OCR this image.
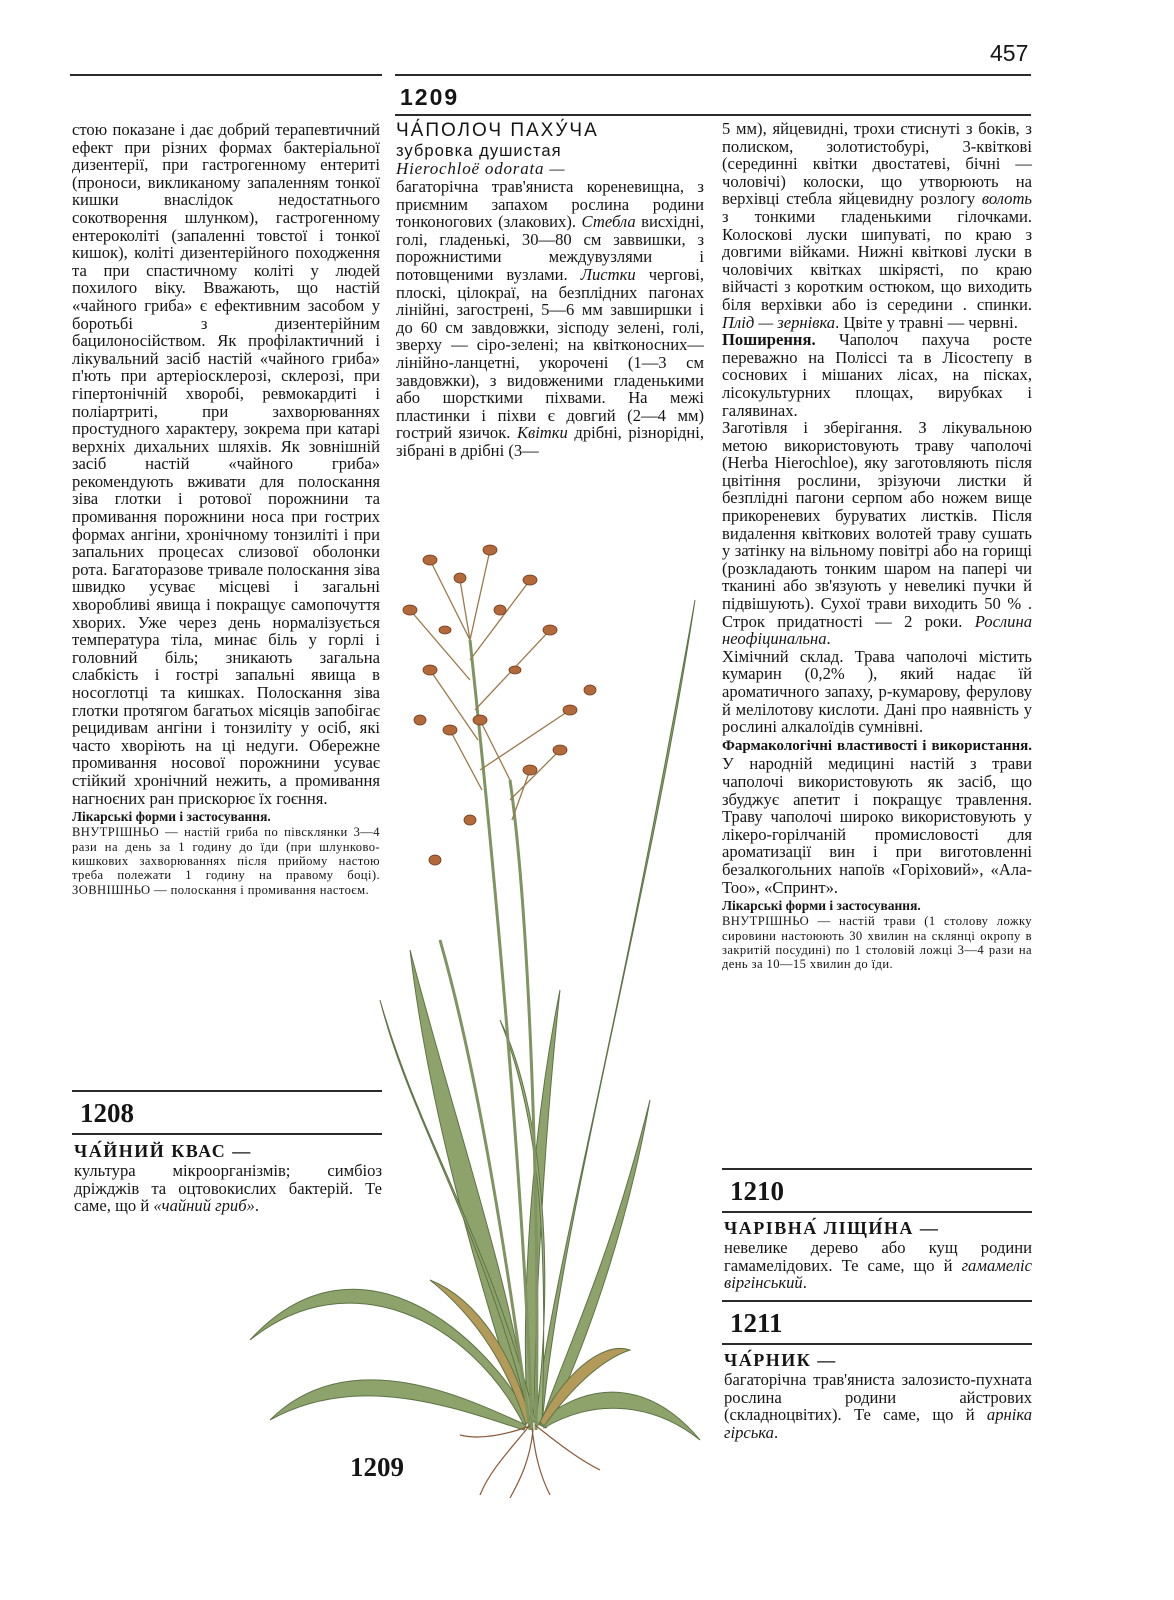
457
1209

стою показане і дає добрий терапевтичний ефект при різних формах бактеріальної дизентерії, при гастрогенному ентериті (проноси, викликаному запаленням тонкої кишки внаслідок недостатнього сокотворення шлунком), гастрогенному ентероколіті (запаленні товстої і тонкої кишок), коліті дизентерійного походження та при спастичному коліті у людей похилого віку. Вважають, що настій «чайного гриба» є ефективним засобом у боротьбі з дизентерійним бацилоносійством. Як профілактичний і лікувальний засіб настій «чайного гриба» п'ють при артеріосклерозі, склерозі, при гіпертонічній хворобі, ревмокардиті і поліартриті, при захворюваннях простудного характеру, зокрема при катарі верхніх дихальних шляхів. Як зовнішній засіб настій «чайного гриба» рекомендують вживати для полоскання зіва глотки і ротової порожнини та промивання порожнини носа при гострих формах ангіни, хронічному тонзиліті і при запальних процесах слизової оболонки рота. Багаторазове тривале полоскання зіва швидко усуває місцеві і загальні хворобливі явища і покращує самопочуття хворих. Уже через день нормалізується температура тіла, минає біль у горлі і головний біль; зникають загальна слабкість і гострі запальні явища в носоглотці та кишках. Полоскання зіва глотки протягом багатьох місяців запобігає рецидивам ангіни і тонзиліту у осіб, які часто хворіють на ці недуги. Обережне промивання носової порожнини усуває стійкий хронічний нежить, а промивання нагноєних ран прискорює їх гоєння.

Лікарські форми і застосування.
ВНУТРІШНЬО — настій гриба по півсклянки 3—4 рази на день за 1 годину до їди (при шлунково-кишкових захворюваннях після прийому настою треба полежати 1 годину на правому боці). ЗОВНІШНЬО — полоскання і промивання настоєм.
1208
ЧА́ЙНИЙ КВАС —

культура мікроорганізмів; симбіоз дріжджів та оцтовокислих бактерій. Те саме, що й «чайний гриб».

ЧА́ПОЛОЧ ПАХУ́ЧА
зубровка душистая
Hierochloë odorata —

багаторічна трав'яниста кореневищна, з приємним запахом рослина родини тонконогових (злакових). Стебла висхідні, голі, гладенькі, 30—80 см заввишки, з порожнистими междувузлями і потовщеними вузлами. Листки чергові, плоскі, цілокраї, на безплідних пагонах лінійні, загострені, 5—6 мм завширшки і до 60 см завдовжки, зісподу зелені, голі, зверху — сіро-зелені; на квітконосних— лінійно-ланцетні, укорочені (1—3 см завдовжки), з видовженими гладенькими або шорсткими піхвами. На межі пластинки і піхви є довгий (2—4 мм) гострий язичок. Квітки дрібні, різнорідні, зібрані в дрібні (3—

5 мм), яйцевидні, трохи стиснуті з боків, з полиском, золотистобурі, 3-квіткові (серединні квітки двостатеві, бічні — чоловічі) колоски, що утворюють на верхівці стебла яйцевидну розлогу волоть з тонкими гладенькими гілочками. Колоскові луски шипуваті, по краю з довгими війками. Нижні квіткові луски в чоловічих квітках шкірясті, по краю війчасті з коротким остюком, що виходить біля верхівки або із середини . спинки. Плід — зернівка. Цвіте у травні — червні.

Поширення. Чаполоч пахуча росте переважно на Поліссі та в Лісостепу в соснових і мішаних лісах, на пісках, лісокультурних площах, вирубках і галявинах.

Заготівля і зберігання. З лікувальною метою використовують траву чаполочі (Herba Hierochloe), яку заготовляють після цвітіння рослини, зрізуючи листки й безплідні пагони серпом або ножем вище прикореневих буруватих листків. Після видалення квіткових волотей траву сушать у затінку на вільному повітрі або на горищі (розкладають тонким шаром на папері чи тканині або зв'язують у невеликі пучки й підвішують). Сухої трави виходить 50 % . Строк придатності — 2 роки. Рослина неофіцинальна.

Хімічний склад. Трава чаполочі містить кумарин (0,2% ), який надає їй ароматичного запаху, р-кумарову, ферулову й мелілотову кислоти. Дані про наявність у рослині алкалоїдів сумнівні.

Фармакологічні властивості і використання. У народній медицині настій з трави чаполочі використовують як засіб, що збуджує апетит і покращує травлення. Траву чаполочі широко використовують у лікеро-горілчаній промисловості для ароматизації вин і при виготовленні безалкогольних напоїв «Горіховий», «Ала-Тоо», «Спринт».

Лікарські форми і застосування.
ВНУТРІШНЬО — настій трави (1 столову ложку сировини настоюють 30 хвилин на склянці окропу в закритій посудині) по 1 столовій ложці 3—4 рази на день за 10—15 хвилин до їди.
1210
ЧАРІВНА́ ЛІЩИ́НА —

невелике дерево або кущ родини гамамелідових. Те саме, що й гамамеліс віргінський.

1211
ЧА́РНИК —

багаторічна трав'яниста залозисто-пухната рослина родини айстрових (складноцвітих). Те саме, що й арніка гірська.

1209
